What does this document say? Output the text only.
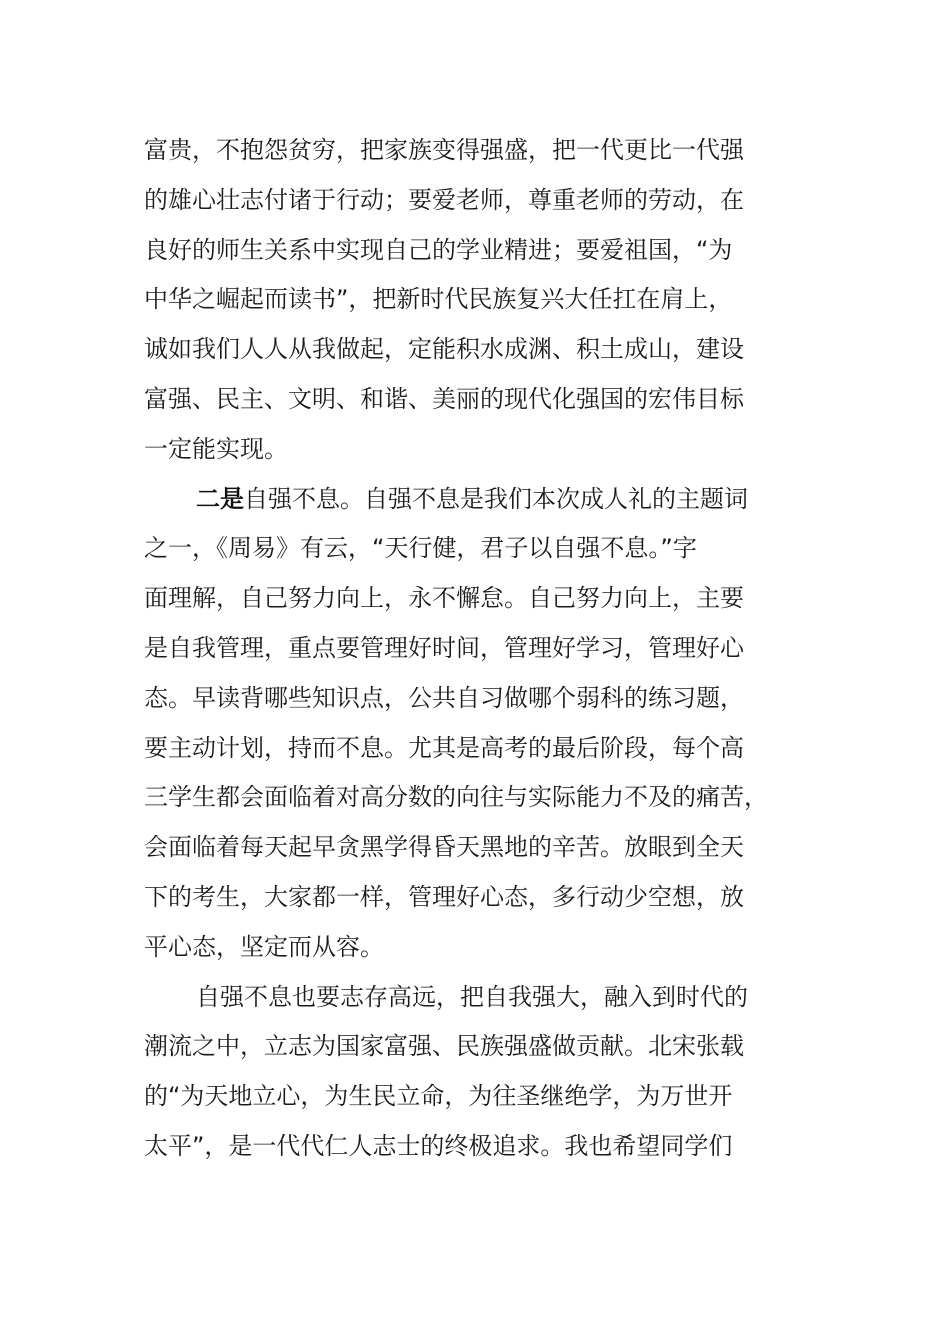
富贵，不抱怨贫穷，把家族变得强盛，把一代更比一代强
的雄心壮志付诸于行动；要爱老师，尊重老师的劳动，在
良好的师生关系中实现自己的学业精进；要爱祖国，“为
中华之崛起而读书”，把新时代民族复兴大任扛在肩上，
诚如我们人人从我做起，定能积水成渊、积土成山，建设
富强、民主、文明、和谐、美丽的现代化强国的宏伟目标
一定能实现。
二是自强不息。自强不息是我们本次成人礼的主题词
之一，《周易》有云，“天行健，君子以自强不息。”字
面理解，自己努力向上，永不懈怠。自己努力向上，主要
是自我管理，重点要管理好时间，管理好学习，管理好心
态。早读背哪些知识点，公共自习做哪个弱科的练习题，
要主动计划，持而不息。尤其是高考的最后阶段，每个高
三学生都会面临着对高分数的向往与实际能力不及的痛苦，
会面临着每天起早贪黑学得昏天黑地的辛苦。放眼到全天
下的考生，大家都一样，管理好心态，多行动少空想，放
平心态，坚定而从容。
自强不息也要志存高远，把自我强大，融入到时代的
潮流之中，立志为国家富强、民族强盛做贡献。北宋张载
的“为天地立心，为生民立命，为往圣继绝学，为万世开
太平”，是一代代仁人志士的终极追求。我也希望同学们
